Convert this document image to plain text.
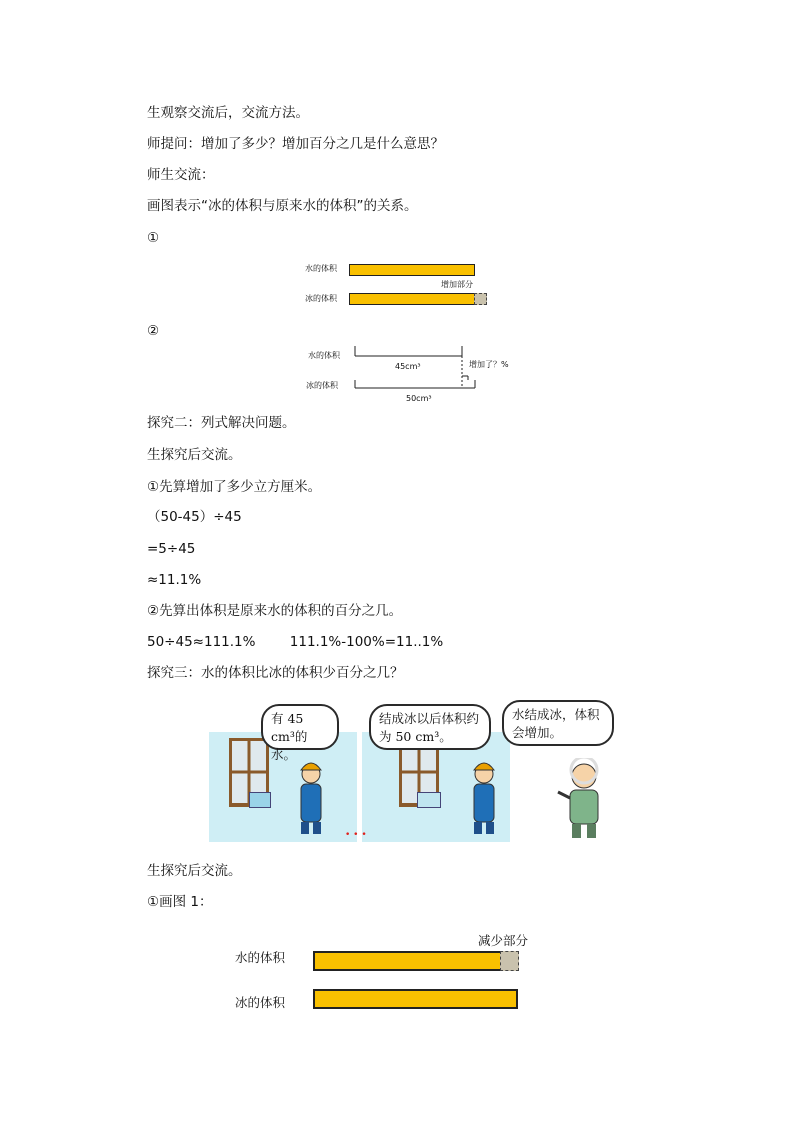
生观察交流后，交流方法。
师提问：增加了多少？增加百分之几是什么意思？
师生交流：
画图表示“冰的体积与原来水的体积”的关系。
①
水的体积
增加部分
冰的体积
②
水的体积
冰的体积
45cm³	增加了？%
50cm³
探究二：列式解决问题。
生探究后交流。
①先算增加了多少立方厘米。
（50-45）÷45
=5÷45
≈11.1%
②先算出体积是原来水的体积的百分之几。
50÷45≈111.1%        111.1%-100%=11..1%
探究三：水的体积比冰的体积少百分之几？
有 45 cm³的水。
结成冰以后体积约为 50 cm³。
水结成冰，体积会增加。
• • •
生探究后交流。
①画图 1：
减少部分
水的体积
冰的体积
